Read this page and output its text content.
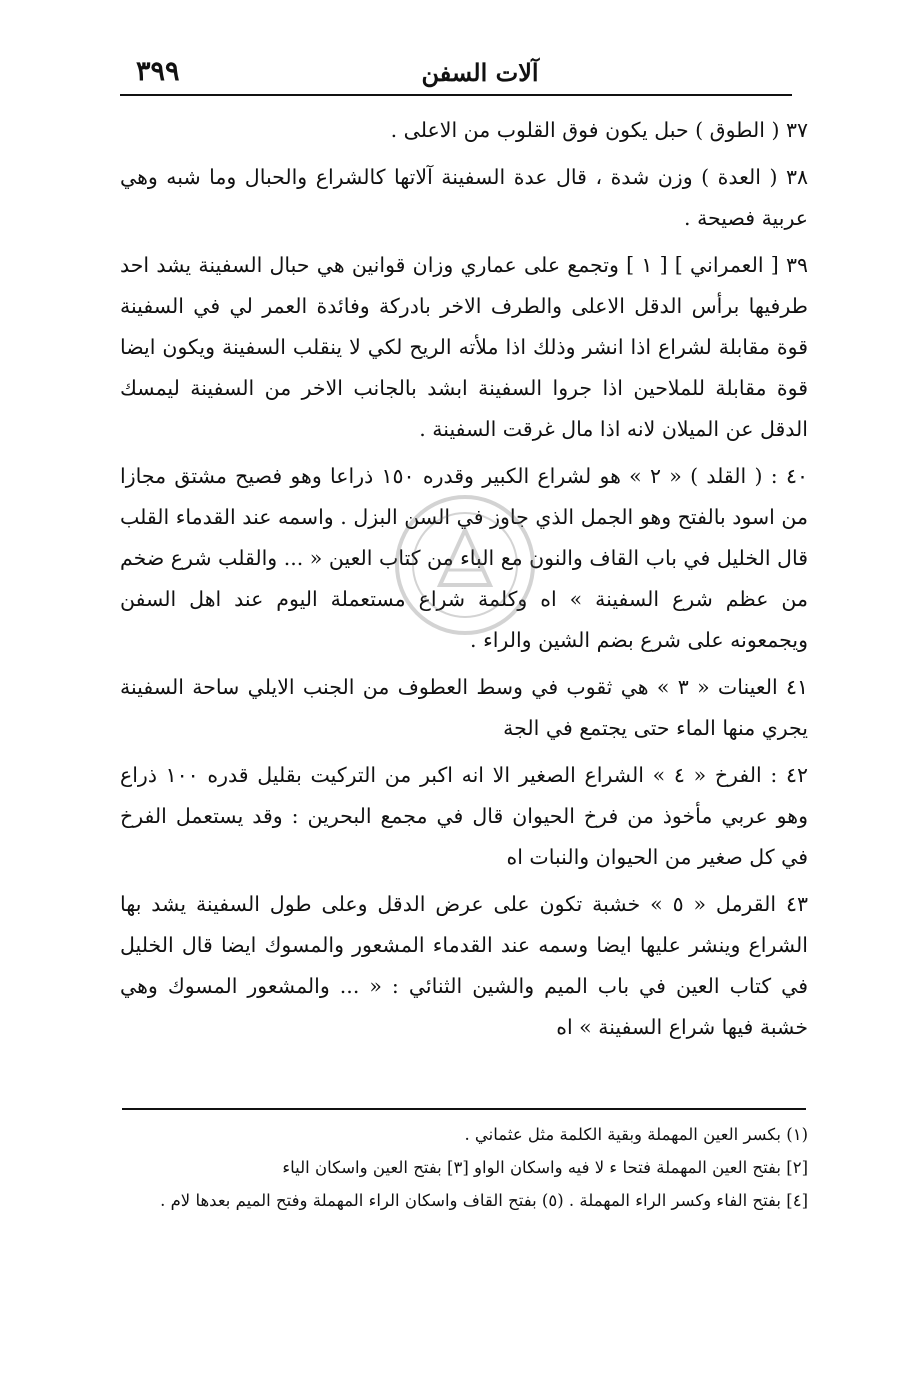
٣٩٩	آلات السفن

٣٧ ( الطوق ) حبل يكون فوق القلوب من الاعلى .

٣٨ ( العدة ) وزن شدة ، قال عدة السفينة آلاتها كالشراع والحبال وما شبه وهي عربية فصيحة .

٣٩ [ العمراني ] [ ١ ] وتجمع على عماري وزان قوانين هي حبال السفينة يشد احد طرفيها برأس الدقل الاعلى والطرف الاخر بادركة وفائدة العمر لي في السفينة قوة مقابلة لشراع اذا انشر وذلك اذا ملأته الريح لكي لا ينقلب السفينة ويكون ايضا قوة مقابلة للملاحين اذا جروا السفينة ابشد بالجانب الاخر من السفينة ليمسك الدقل عن الميلان لانه اذا مال غرقت السفينة .

٤٠ : ( القلد ) « ٢ » هو لشراع الكبير وقدره ١٥٠ ذراعا وهو فصيح مشتق مجازا من اسود بالفتح وهو الجمل الذي جاوز في السن البزل . واسمه عند القدماء القلب قال الخليل في باب القاف والنون مع الباء من كتاب العين « ... والقلب شرع ضخم من عظم شرع السفينة » اه وكلمة شراع مستعملة اليوم عند اهل السفن ويجمعونه على شرع بضم الشين والراء .

٤١ العينات « ٣ » هي ثقوب في وسط العطوف من الجنب الايلي ساحة السفينة يجري منها الماء حتى يجتمع في الجة

٤٢ : الفرخ « ٤ » الشراع الصغير الا انه اكبر من التركيت بقليل قدره ١٠٠ ذراع وهو عربي مأخوذ من فرخ الحيوان قال في مجمع البحرين : وقد يستعمل الفرخ في كل صغير من الحيوان والنبات اه

٤٣ القرمل « ٥ » خشبة تكون على عرض الدقل وعلى طول السفينة يشد بها الشراع وينشر عليها ايضا وسمه عند القدماء المشعور والمسوك ايضا قال الخليل في كتاب العين في باب الميم والشين الثنائي : « ... والمشعور المسوك وهي خشبة فيها شراع السفينة » اه

(١) بكسر العين المهملة وبقية الكلمة مثل عثماني .

[٢] بفتح العين المهملة فتحا ء لا فيه واسكان الواو [٣] بفتح العين واسكان الياء

[٤] بفتح الفاء وكسر الراء المهملة . (٥) بفتح القاف واسكان الراء المهملة وفتح الميم بعدها لام .
